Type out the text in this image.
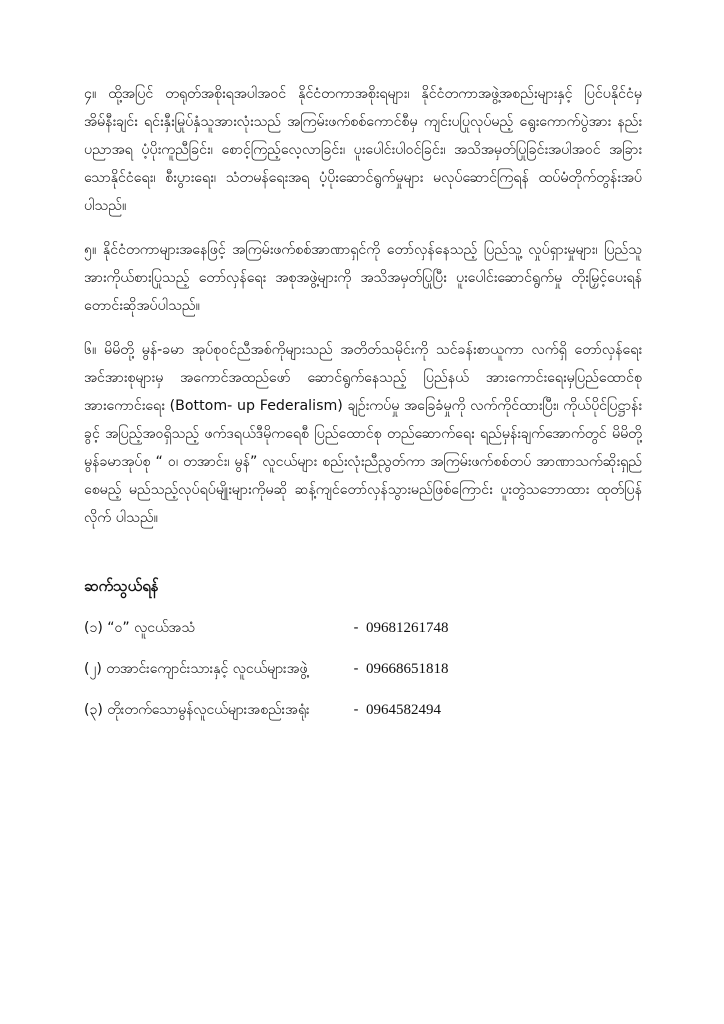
၄။ ထို့အပြင် တရုတ်အစိုးရအပါအဝင် နိုင်ငံတကာအစိုးရများ၊ နိုင်ငံတကာအဖွဲ့အစည်းများနှင့် ပြင်ပနိုင်ငံမှ အိမ်နီးချင်း ရင်းနှီးမြုပ်နှံသူအားလုံးသည် အကြမ်းဖက်စစ်ကောင်စီမှ ကျင်းပပြုလုပ်မည့် ရွေးကောက်ပွဲအား နည်းပညာအရ ပံ့ပိုးကူညီခြင်း၊ စောင့်ကြည့်လေ့လာခြင်း၊ ပူးပေါင်းပါဝင်ခြင်း၊ အသိအမှတ်ပြုခြင်းအပါအဝင် အခြားသောနိုင်ငံရေး၊ စီးပွားရေး၊ သံတမန်ရေးအရ ပံ့ပိုးဆောင်ရွက်မှုများ မလုပ်ဆောင်ကြရန် ထပ်မံတိုက်တွန်းအပ်ပါသည်။

၅။ နိုင်ငံတကာများအနေဖြင့် အကြမ်းဖက်စစ်အာဏာရှင်ကို တော်လှန်နေသည့် ပြည်သူ့ လှုပ်ရှားမှုများ၊ ပြည်သူအားကိုယ်စားပြုသည့် တော်လှန်ရေး အစုအဖွဲ့များကို အသိအမှတ်ပြုပြီး ပူးပေါင်းဆောင်ရွက်မှု တိုးမြှင့်ပေးရန် တောင်းဆိုအပ်ပါသည်။

၆။ မိမိတို့ မွန်-ခမာ အုပ်စုဝင်ညီအစ်ကိုများသည် အတိတ်သမိုင်းကို သင်ခန်းစာယူကာ လက်ရှိ တော်လှန်ရေး အင်အားစုများမှ အကောင်အထည်ဖော် ဆောင်ရွက်နေသည့် ပြည်နယ် အားကောင်းရေးမှပြည်ထောင်စု အားကောင်းရေး (Bottom- up Federalism) ချဉ်းကပ်မှု အခြေခံမှုကို လက်ကိုင်ထားပြီး၊ ကိုယ်ပိုင်ပြဋ္ဌာန်းခွင့် အပြည့်အဝရှိသည့် ဖက်ဒရယ်ဒီမိုကရေစီ ပြည်ထောင်စု တည်ဆောက်ရေး ရည်မှန်းချက်အောက်တွင် မိမိတို့မွန်ခမာအုပ်စု “ ဝ၊ တအာင်း၊ မွန်” လူငယ်များ စည်းလုံးညီညွတ်ကာ အကြမ်းဖက်စစ်တပ် အာဏာသက်ဆိုးရှည်စေမည့် မည်သည့်လုပ်ရပ်မျိုးများကိုမဆို ဆန့်ကျင်တော်လှန်သွားမည်ဖြစ်ကြောင်း ပူးတွဲသဘောထား ထုတ်ပြန်လိုက် ပါသည်။

ဆက်သွယ်ရန်
(၁) “ဝ” လူငယ်အသံ	- 09681261748
(၂) တအာင်းကျောင်းသားနှင့် လူငယ်များအဖွဲ့	- 09668651818
(၃) တိုးတက်သောမွန်လူငယ်များအစည်းအရုံး	- 0964582494
